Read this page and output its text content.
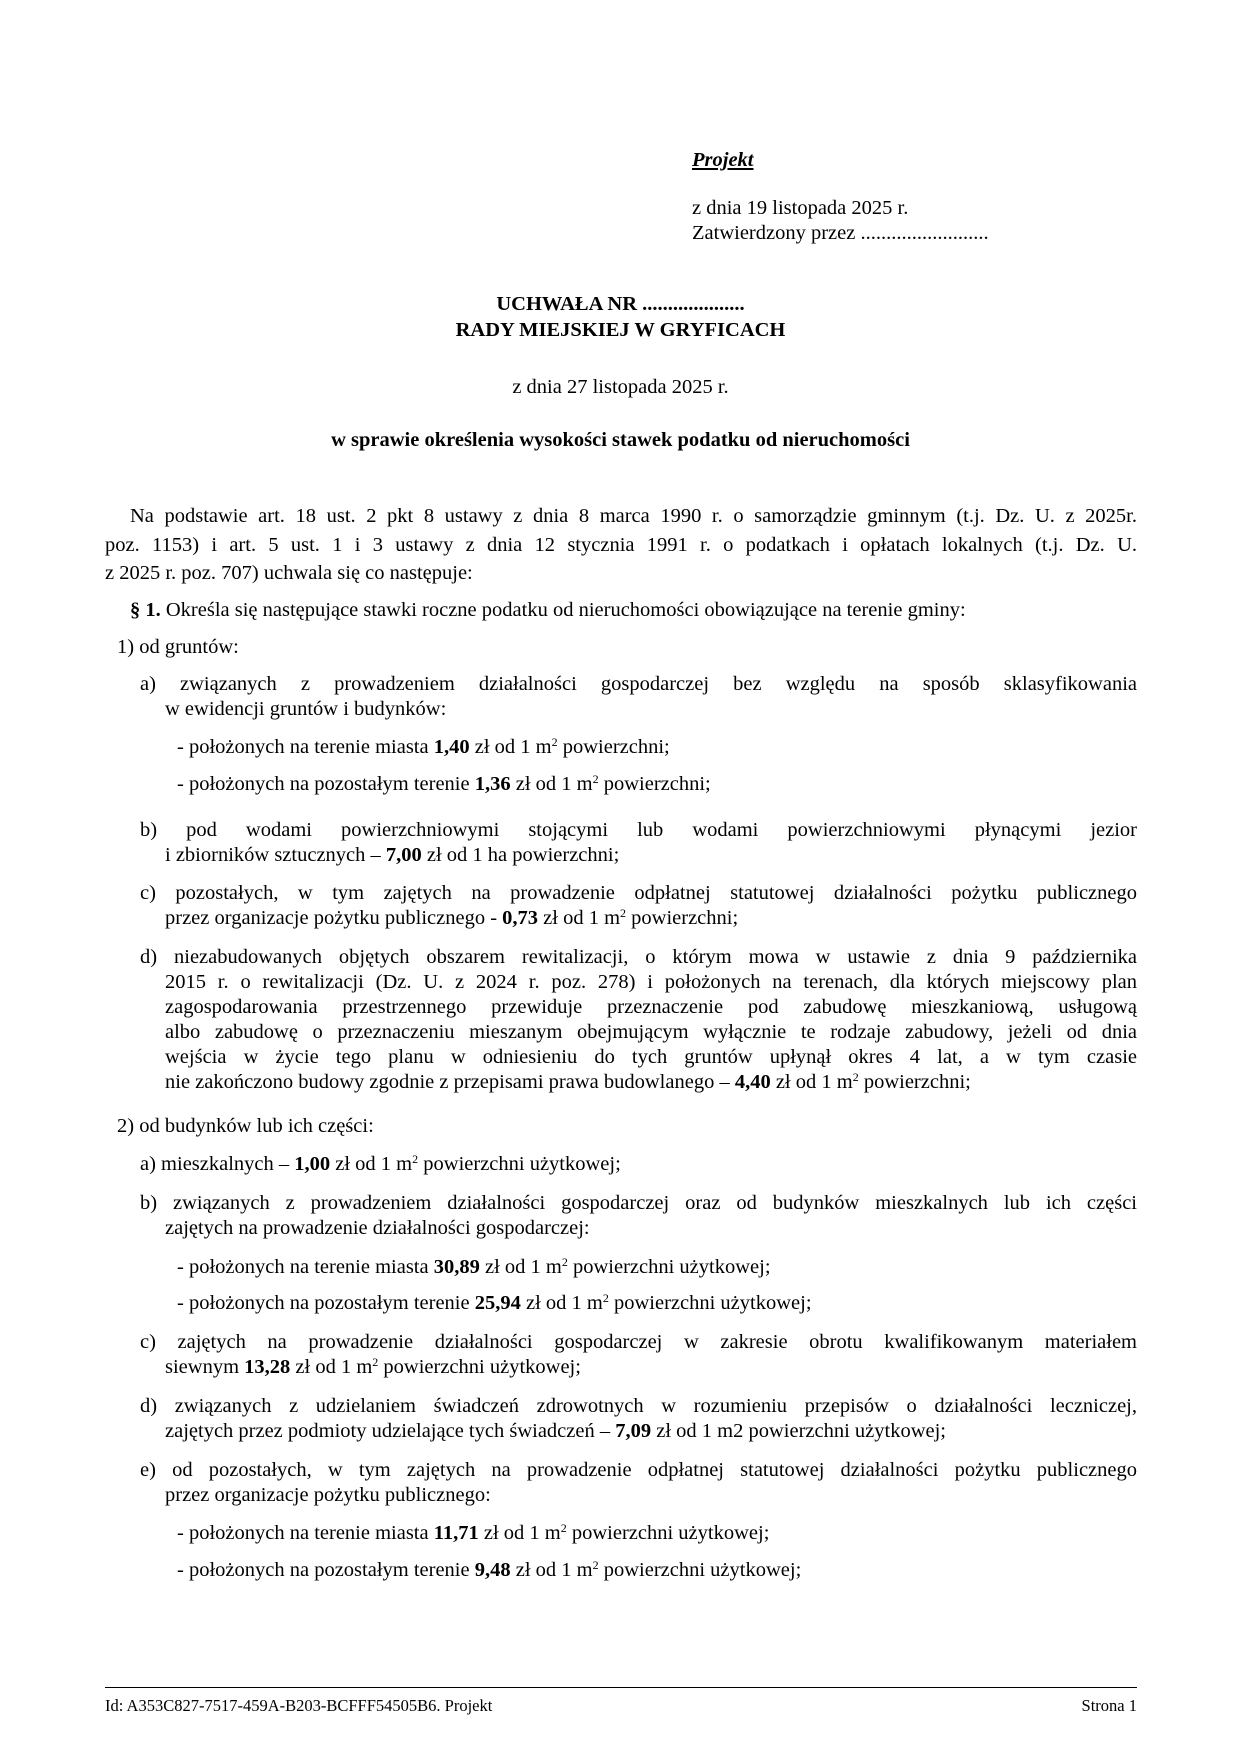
Projekt
z dnia 19 listopada 2025 r.
Zatwierdzony przez .........................
UCHWAŁA NR ....................
RADY MIEJSKIEJ W GRYFICACH
z dnia 27 listopada 2025 r.
w sprawie określenia wysokości stawek podatku od nieruchomości
Na podstawie art. 18 ust. 2 pkt 8 ustawy z dnia 8 marca 1990 r. o samorządzie gminnym (t.j. Dz. U. z 2025r.
poz. 1153) i art. 5 ust. 1 i 3 ustawy z dnia 12 stycznia 1991 r. o podatkach i opłatach lokalnych (t.j. Dz. U.
z 2025 r. poz. 707) uchwala się co następuje:
§ 1. Określa się następujące stawki roczne podatku od nieruchomości obowiązujące na terenie gminy:
1) od gruntów:
a) związanych z prowadzeniem działalności gospodarczej bez względu na sposób sklasyfikowania
w ewidencji gruntów i budynków:
- położonych na terenie miasta 1,40 zł od 1 $m^2$ powierzchni;
- położonych na pozostałym terenie 1,36 zł od 1 $m^2$ powierzchni;
b) pod wodami powierzchniowymi stojącymi lub wodami powierzchniowymi płynącymi jezior
i zbiorników sztucznych – 7,00 zł od 1 ha powierzchni;
c) pozostałych, w tym zajętych na prowadzenie odpłatnej statutowej działalności pożytku publicznego
przez organizacje pożytku publicznego - 0,73 zł od 1 $m^2$ powierzchni;
d) niezabudowanych objętych obszarem rewitalizacji, o którym mowa w ustawie z dnia 9 października
2015 r. o rewitalizacji (Dz. U. z 2024 r. poz. 278) i położonych na terenach, dla których miejscowy plan
zagospodarowania przestrzennego przewiduje przeznaczenie pod zabudowę mieszkaniową, usługową
albo zabudowę o przeznaczeniu mieszanym obejmującym wyłącznie te rodzaje zabudowy, jeżeli od dnia
wejścia w życie tego planu w odniesieniu do tych gruntów upłynął okres 4 lat, a w tym czasie
nie zakończono budowy zgodnie z przepisami prawa budowlanego – 4,40 zł od 1 $m^2$ powierzchni;
2) od budynków lub ich części:
a) mieszkalnych – 1,00 zł od 1 $m^2$ powierzchni użytkowej;
b) związanych z prowadzeniem działalności gospodarczej oraz od budynków mieszkalnych lub ich części
zajętych na prowadzenie działalności gospodarczej:
- położonych na terenie miasta 30,89 zł od 1 $m^2$ powierzchni użytkowej;
- położonych na pozostałym terenie 25,94 zł od 1 $m^2$ powierzchni użytkowej;
c) zajętych na prowadzenie działalności gospodarczej w zakresie obrotu kwalifikowanym materiałem
siewnym 13,28 zł od 1 $m^2$ powierzchni użytkowej;
d) związanych z udzielaniem świadczeń zdrowotnych w rozumieniu przepisów o działalności leczniczej,
zajętych przez podmioty udzielające tych świadczeń – 7,09 zł od 1 m2 powierzchni użytkowej;
e) od pozostałych, w tym zajętych na prowadzenie odpłatnej statutowej działalności pożytku publicznego
przez organizacje pożytku publicznego:
- położonych na terenie miasta 11,71 zł od 1 $m^2$ powierzchni użytkowej;
- położonych na pozostałym terenie 9,48 zł od 1 $m^2$ powierzchni użytkowej;
Id: A353C827-7517-459A-B203-BCFFF54505B6. Projekt	Strona 1
